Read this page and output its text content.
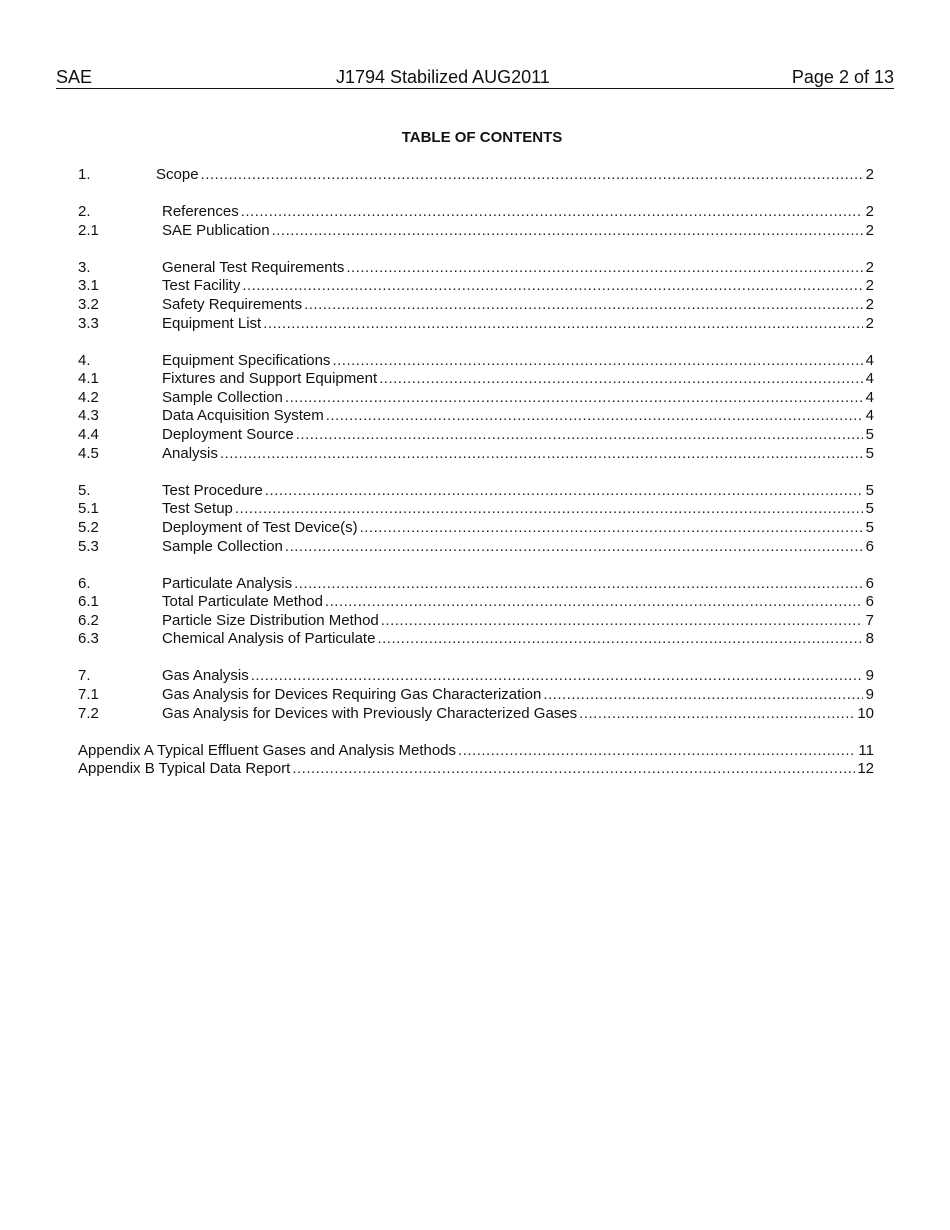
SAE	J1794 Stabilized AUG2011	Page 2 of 13
TABLE OF CONTENTS
1.	Scope .....	2
2.	References .....	2
2.1	SAE Publication .....	2
3.	General Test Requirements .....	2
3.1	Test Facility .....	2
3.2	Safety Requirements .....	2
3.3	Equipment List .....	2
4.	Equipment Specifications .....	4
4.1	Fixtures and Support Equipment .....	4
4.2	Sample Collection .....	4
4.3	Data Acquisition System .....	4
4.4	Deployment Source .....	5
4.5	Analysis .....	5
5.	Test Procedure .....	5
5.1	Test Setup .....	5
5.2	Deployment of Test Device(s) .....	5
5.3	Sample Collection .....	6
6.	Particulate Analysis .....	6
6.1	Total Particulate Method .....	6
6.2	Particle Size Distribution Method .....	7
6.3	Chemical Analysis of Particulate .....	8
7.	Gas Analysis .....	9
7.1	Gas Analysis for Devices Requiring Gas Characterization .....	9
7.2	Gas Analysis for Devices with Previously Characterized Gases .....	10
Appendix A Typical Effluent Gases and Analysis Methods .....	11
Appendix B Typical Data Report .....	12
